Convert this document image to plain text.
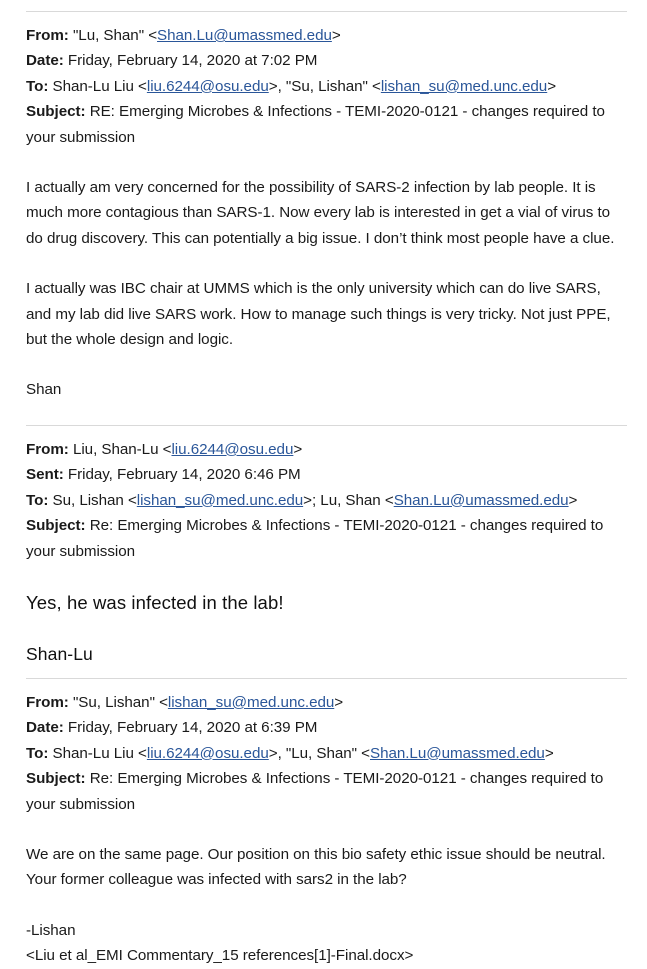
From: "Lu, Shan" <Shan.Lu@umassmed.edu>
Date: Friday, February 14, 2020 at 7:02 PM
To: Shan-Lu Liu <liu.6244@osu.edu>, "Su, Lishan" <lishan_su@med.unc.edu>
Subject: RE: Emerging Microbes & Infections - TEMI-2020-0121 - changes required to your submission
I actually am very concerned for the possibility of SARS-2 infection by lab people. It is much more contagious than SARS-1. Now every lab is interested in get a vial of virus to do drug discovery. This can potentially a big issue. I don’t think most people have a clue.
I actually was IBC chair at UMMS which is the only university which can do live SARS, and my lab did live SARS work. How to manage such things is very tricky. Not just PPE, but the whole design and logic.
Shan
From: Liu, Shan-Lu <liu.6244@osu.edu>
Sent: Friday, February 14, 2020 6:46 PM
To: Su, Lishan <lishan_su@med.unc.edu>; Lu, Shan <Shan.Lu@umassmed.edu>
Subject: Re: Emerging Microbes & Infections - TEMI-2020-0121 - changes required to your submission
Yes, he was infected in the lab!
Shan-Lu
From: "Su, Lishan" <lishan_su@med.unc.edu>
Date: Friday, February 14, 2020 at 6:39 PM
To: Shan-Lu Liu <liu.6244@osu.edu>, "Lu, Shan" <Shan.Lu@umassmed.edu>
Subject: Re: Emerging Microbes & Infections - TEMI-2020-0121 - changes required to your submission
We are on the same page. Our position on this bio safety ethic issue should be neutral. Your former colleague was infected with sars2 in the lab?
-Lishan
<Liu et al_EMI Commentary_15 references[1]-Final.docx>
